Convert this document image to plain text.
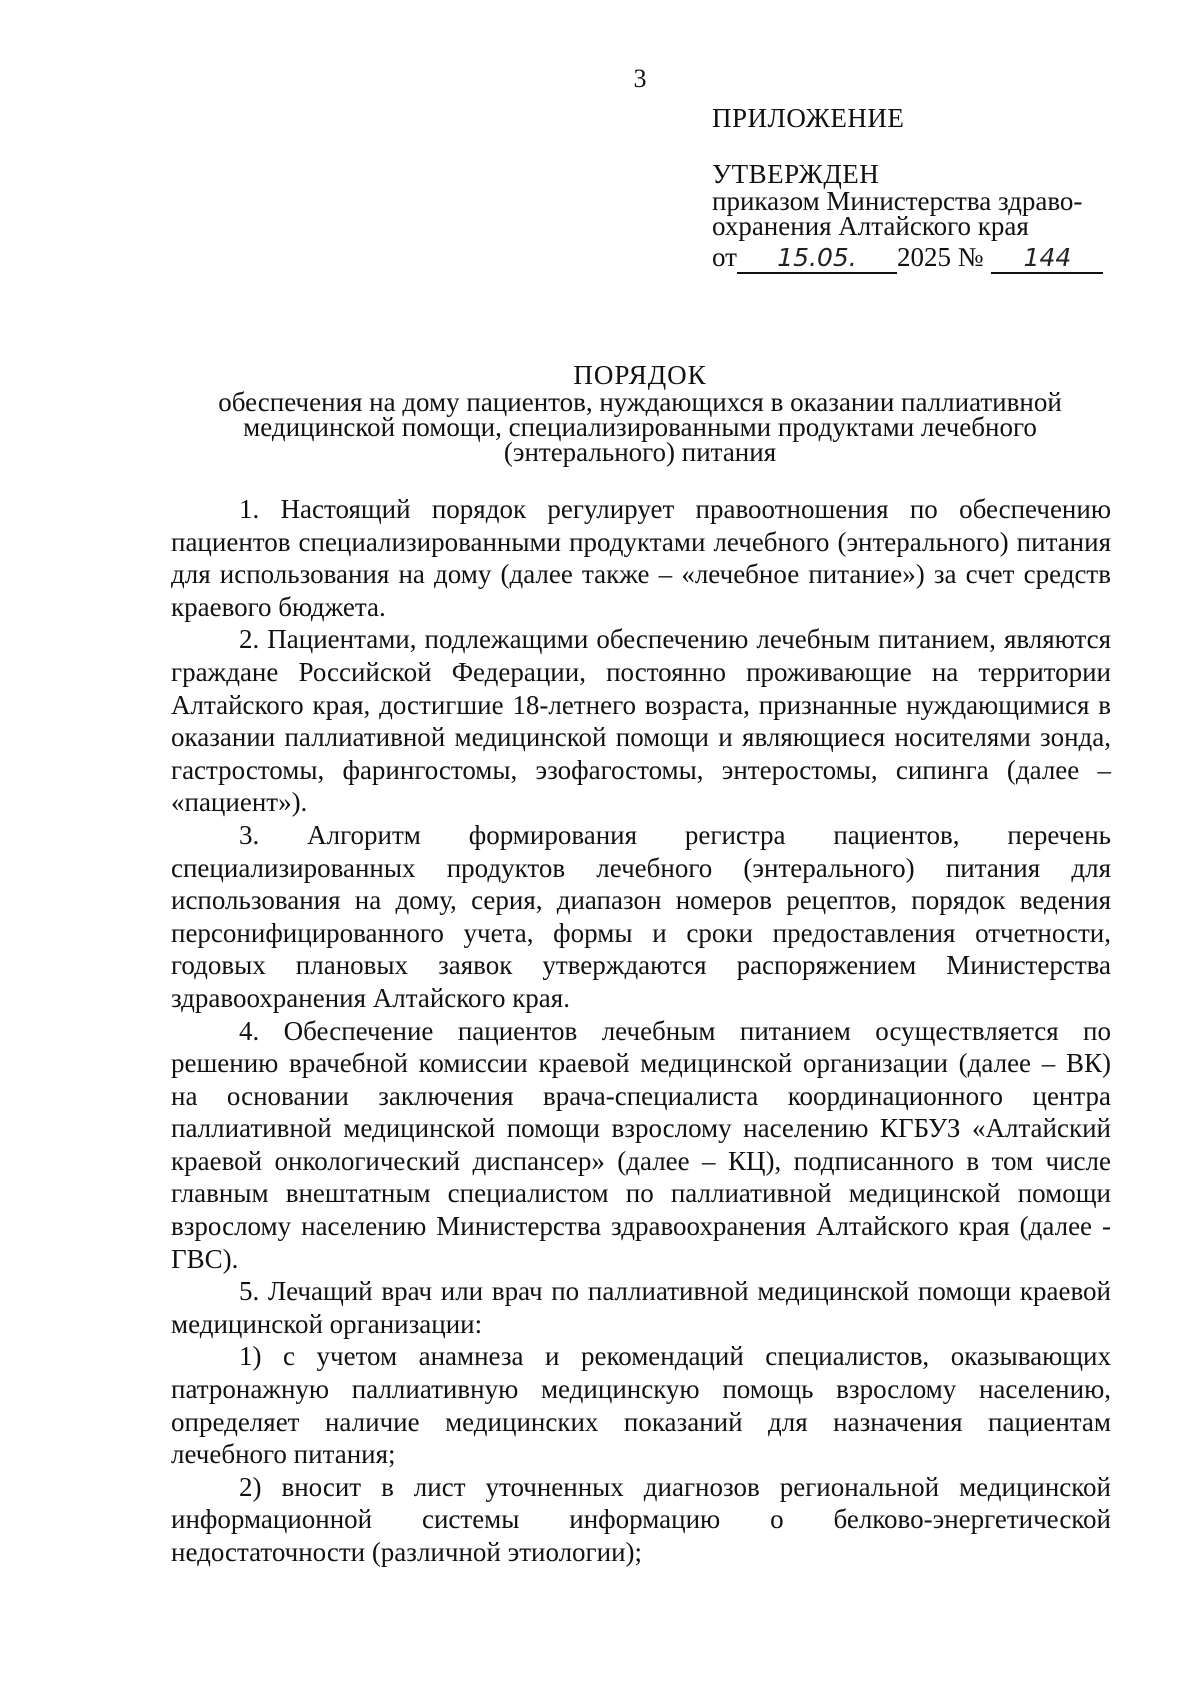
3
ПРИЛОЖЕНИЕ
УТВЕРЖДЕН
приказом Министерства здраво-
охранения Алтайского края
от 15.05. 2025 № 144
ПОРЯДОК
обеспечения на дому пациентов, нуждающихся в оказании паллиативной
медицинской помощи, специализированными продуктами лечебного
(энтерального) питания

1. Настоящий порядок регулирует правоотношения по обеспечению пациентов специализированными продуктами лечебного (энтерального) питания для использования на дому (далее также – «лечебное питание») за счет средств краевого бюджета.

2. Пациентами, подлежащими обеспечению лечебным питанием, являются граждане Российской Федерации, постоянно проживающие на территории Алтайского края, достигшие 18-летнего возраста, признанные нуждающимися в оказании паллиативной медицинской помощи и являющиеся носителями зонда, гастростомы, фарингостомы, эзофагостомы, энтеростомы, сипинга (далее – «пациент»).

3. Алгоритм формирования регистра пациентов, перечень специализированных продуктов лечебного (энтерального) питания для использования на дому, серия, диапазон номеров рецептов, порядок ведения персонифицированного учета, формы и сроки предоставления отчетности, годовых плановых заявок утверждаются распоряжением Министерства здравоохранения Алтайского края.

4. Обеспечение пациентов лечебным питанием осуществляется по решению врачебной комиссии краевой медицинской организации (далее – ВК) на основании заключения врача-специалиста координационного центра паллиативной медицинской помощи взрослому населению КГБУЗ «Алтайский краевой онкологический диспансер» (далее – КЦ), подписанного в том числе главным внештатным специалистом по паллиативной медицинской помощи взрослому населению Министерства здравоохранения Алтайского края (далее - ГВС).

5. Лечащий врач или врач по паллиативной медицинской помощи краевой медицинской организации:

1) с учетом анамнеза и рекомендаций специалистов, оказывающих патронажную паллиативную медицинскую помощь взрослому населению, определяет наличие медицинских показаний для назначения пациентам лечебного питания;

2) вносит в лист уточненных диагнозов региональной медицинской информационной системы информацию о белково-энергетической недостаточности (различной этиологии);
